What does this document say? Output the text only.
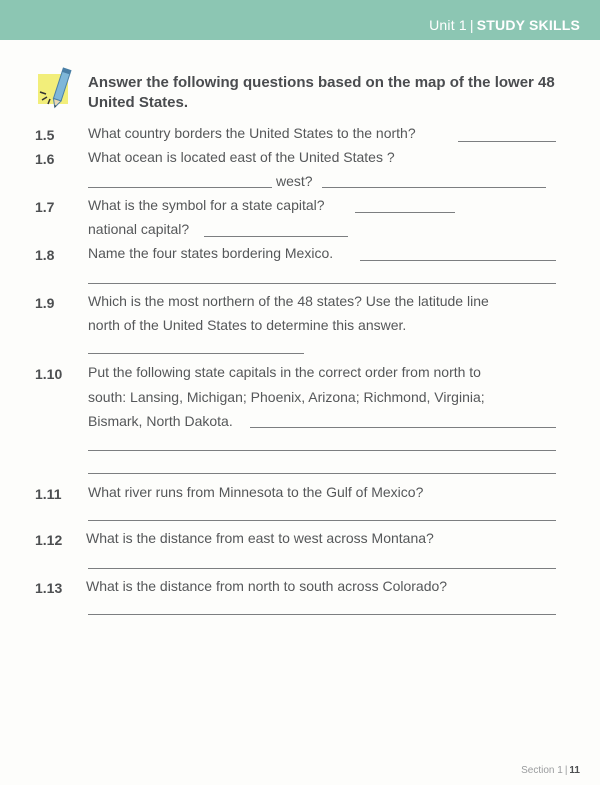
Unit 1 | STUDY SKILLS

Answer the following questions based on the map of the lower 48 United States.

1.5 What country borders the United States to the north?
1.6 What ocean is located east of the United States ?
west?
1.7 What is the symbol for a state capital?
national capital?
1.8 Name the four states bordering Mexico.
1.9 Which is the most northern of the 48 states? Use the latitude line
north of the United States to determine this answer.
1.10 Put the following state capitals in the correct order from north to
south: Lansing, Michigan; Phoenix, Arizona; Richmond, Virginia;
Bismark, North Dakota.
1.11 What river runs from Minnesota to the Gulf of Mexico?
1.12 What is the distance from east to west across Montana?
1.13 What is the distance from north to south across Colorado?
Section 1 | 11
